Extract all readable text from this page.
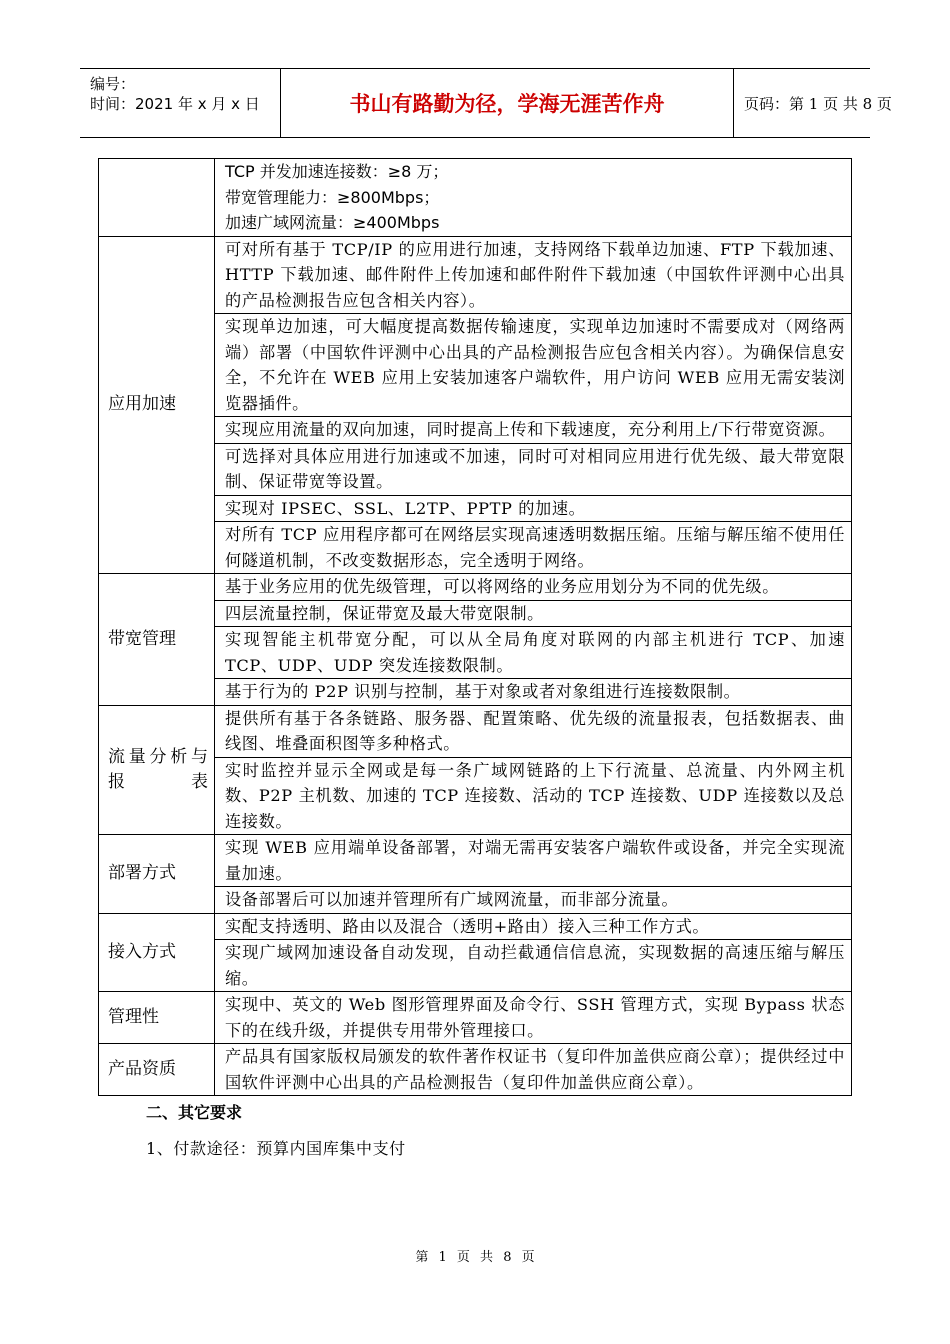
编号：
时间：2021 年 x 月 x 日	书山有路勤为径，学海无涯苦作舟	页码：第 1 页 共 8 页

	TCP 并发加速连接数：≥8 万；
带宽管理能力：≥800Mbps；
加速广域网流量：≥400Mbps

应用加速	可对所有基于 TCP/IP 的应用进行加速，支持网络下载单边加速、FTP 下载加速、HTTP 下载加速、邮件附件上传加速和邮件附件下载加速（中国软件评测中心出具的产品检测报告应包含相关内容）。
	实现单边加速，可大幅度提高数据传输速度，实现单边加速时不需要成对（网络两端）部署（中国软件评测中心出具的产品检测报告应包含相关内容）。为确保信息安全，不允许在 WEB 应用上安装加速客户端软件，用户访问 WEB 应用无需安装浏览器插件。
	实现应用流量的双向加速，同时提高上传和下载速度，充分利用上/下行带宽资源。
	可选择对具体应用进行加速或不加速，同时可对相同应用进行优先级、最大带宽限制、保证带宽等设置。
	实现对 IPSEC、SSL、L2TP、PPTP 的加速。
	对所有 TCP 应用程序都可在网络层实现高速透明数据压缩。压缩与解压缩不使用任何隧道机制，不改变数据形态，完全透明于网络。
带宽管理	基于业务应用的优先级管理，可以将网络的业务应用划分为不同的优先级。
	四层流量控制，保证带宽及最大带宽限制。
	实现智能主机带宽分配，可以从全局角度对联网的内部主机进行 TCP、加速 TCP、UDP、UDP 突发连接数限制。
	基于行为的 P2P 识别与控制，基于对象或者对象组进行连接数限制。
流量分析与报表	提供所有基于各条链路、服务器、配置策略、优先级的流量报表，包括数据表、曲线图、堆叠面积图等多种格式。
	实时监控并显示全网或是每一条广域网链路的上下行流量、总流量、内外网主机数、P2P 主机数、加速的 TCP 连接数、活动的 TCP 连接数、UDP 连接数以及总连接数。
部署方式	实现 WEB 应用端单设备部署，对端无需再安装客户端软件或设备，并完全实现流量加速。
	设备部署后可以加速并管理所有广域网流量，而非部分流量。
接入方式	实配支持透明、路由以及混合（透明+路由）接入三种工作方式。
	实现广域网加速设备自动发现，自动拦截通信信息流，实现数据的高速压缩与解压缩。
管理性	实现中、英文的 Web 图形管理界面及命令行、SSH 管理方式，实现 Bypass 状态下的在线升级，并提供专用带外管理接口。
产品资质	产品具有国家版权局颁发的软件著作权证书（复印件加盖供应商公章）；提供经过中国软件评测中心出具的产品检测报告（复印件加盖供应商公章）。
二、其它要求
1、付款途径：预算内国库集中支付
第 1 页 共 8 页
